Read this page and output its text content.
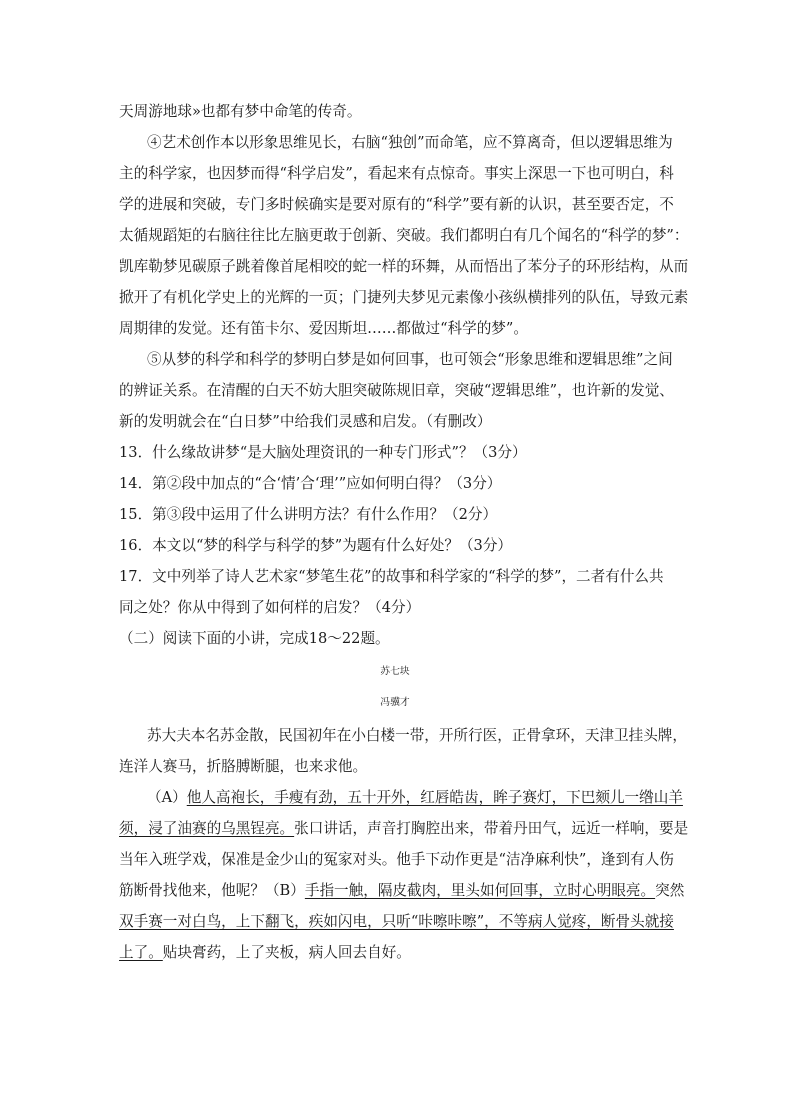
天周游地球»也都有梦中命笔的传奇。
④艺术创作本以形象思维见长，右脑“独创”而命笔，应不算离奇，但以逻辑思维为
主的科学家，也因梦而得“科学启发”，看起来有点惊奇。事实上深思一下也可明白，科
学的进展和突破，专门多时候确实是要对原有的“科学”要有新的认识，甚至要否定，不
太循规蹈矩的右脑往往比左脑更敢于创新、突破。我们都明白有几个闻名的“科学的梦”：
凯库勒梦见碳原子跳着像首尾相咬的蛇一样的环舞，从而悟出了苯分子的环形结构，从而
掀开了有机化学史上的光辉的一页；门捷列夫梦见元素像小孩纵横排列的队伍，导致元素
周期律的发觉。还有笛卡尔、爱因斯坦……都做过“科学的梦”。
⑤从梦的科学和科学的梦明白梦是如何回事，也可领会“形象思维和逻辑思维”之间
的辨证关系。在清醒的白天不妨大胆突破陈规旧章，突破“逻辑思维”，也许新的发觉、
新的发明就会在“白日梦”中给我们灵感和启发。（有删改）
13．什么缘故讲梦“是大脑处理资讯的一种专门形式”？（3分）
14．第②段中加点的“合‘情’合‘理’”应如何明白得？（3分）
15．第③段中运用了什么讲明方法？有什么作用？（2分）
16．本文以“梦的科学与科学的梦”为题有什么好处？（3分）
17．文中列举了诗人艺术家“梦笔生花”的故事和科学家的“科学的梦”，二者有什么共
同之处？你从中得到了如何样的启发？（4分）
（二）阅读下面的小讲，完成18～22题。
苏七块
冯骥才
苏大夫本名苏金散，民国初年在小白楼一带，开所行医，正骨拿环，天津卫挂头牌，
连洋人赛马，折胳膊断腿，也来求他。
（A）他人高袍长，手瘦有劲，五十开外，红唇皓齿，眸子赛灯，下巴颏儿一绺山羊
须，浸了油赛的乌黑锃亮。张口讲话，声音打胸腔出来，带着丹田气，远近一样响，要是
当年入班学戏，保准是金少山的冤家对头。他手下动作更是“洁净麻利快”，逢到有人伤
筋断骨找他来，他呢？（B）手指一触，隔皮截肉，里头如何回事，立时心明眼亮。突然
双手赛一对白鸟，上下翻飞，疾如闪电，只听“咔嚓咔嚓”，不等病人觉疼，断骨头就接
上了。贴块膏药，上了夹板，病人回去自好。
